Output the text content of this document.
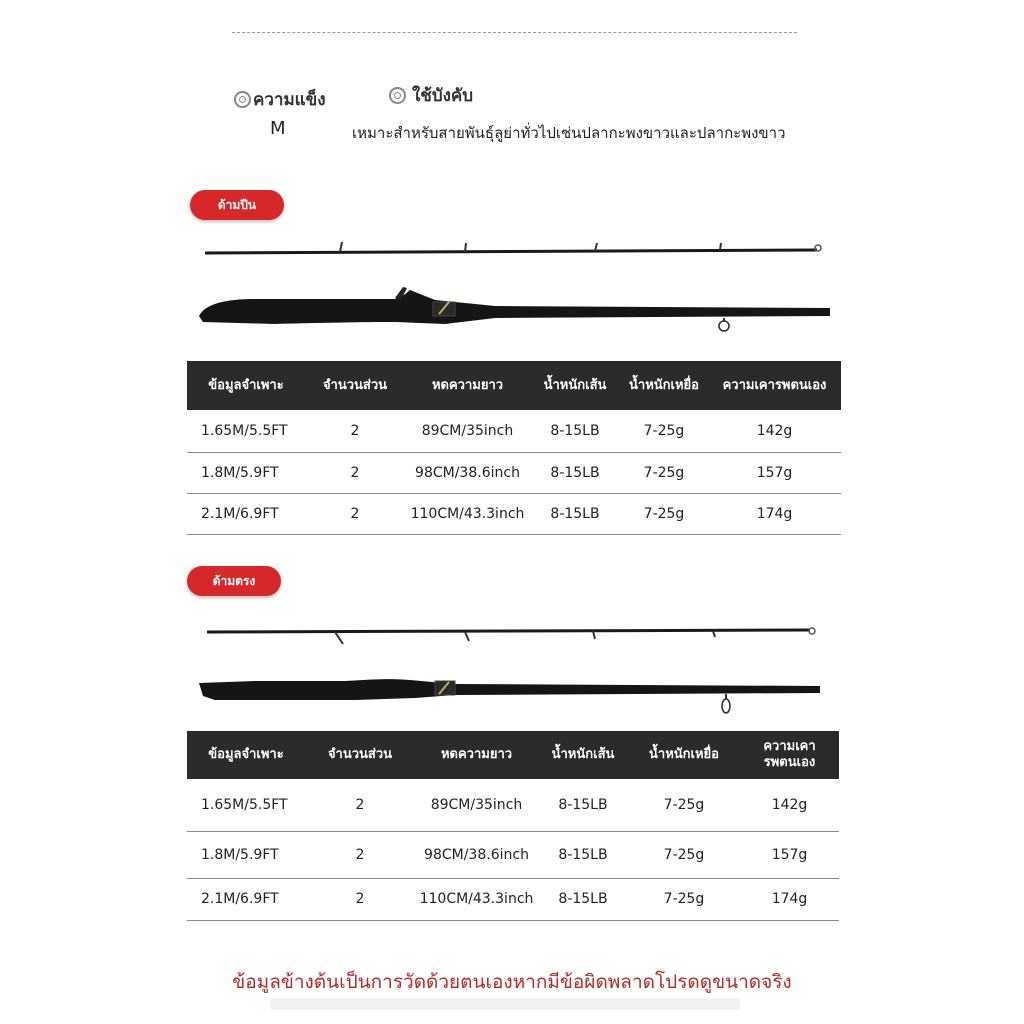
ความแข็ง	ใช้บังคับ
M	เหมาะสำหรับสายพันธุ์ลูย่าทั่วไปเช่นปลากะพงขาวและปลากะพงขาว
ด้ามปืน
ข้อมูลจำเพาะ	จำนวนส่วน	หดความยาว	น้ำหนักเส้น	น้ำหนักเหยื่อ	ความเคารพตนเอง
1.65M/5.5FT	2	89CM/35inch	8-15LB	7-25g	142g
1.8M/5.9FT	2	98CM/38.6inch	8-15LB	7-25g	157g
2.1M/6.9FT	2	110CM/43.3inch	8-15LB	7-25g	174g
ด้ามตรง
ข้อมูลจำเพาะ	จำนวนส่วน	หดความยาว	น้ำหนักเส้น	น้ำหนักเหยื่อ	ความเคา
รพตนเอง
1.65M/5.5FT	2	89CM/35inch	8-15LB	7-25g	142g
1.8M/5.9FT	2	98CM/38.6inch	8-15LB	7-25g	157g
2.1M/6.9FT	2	110CM/43.3inch	8-15LB	7-25g	174g
ข้อมูลข้างต้นเป็นการวัดด้วยตนเองหากมีข้อผิดพลาดโปรดดูขนาดจริง
